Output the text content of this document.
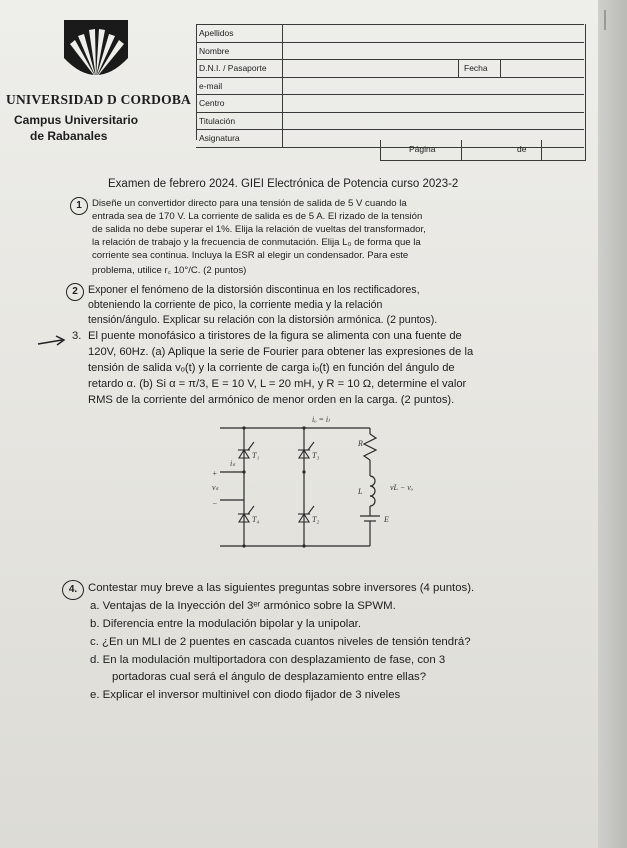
UNIVERSIDAD D CORDOBA
Campus Universitario
de Rabanales
Apellidos
Nombre
D.N.I. / Pasaporte	Fecha
e-mail
Centro
Titulación
Asignatura
Página	de
Examen de febrero 2024. GIEI Electrónica de Potencia curso 2023-2
1	Diseñe un convertidor directo para una tensión de salida de 5 V cuando la
entrada sea de 170 V. La corriente de salida es de 5 A. El rizado de la tensión
de salida no debe superar el 1%. Elija la relación de vueltas del transformador,
la relación de trabajo y la frecuencia de conmutación. Elija L₀ de forma que la
corriente sea continua. Incluya la ESR al elegir un condensador. Para este
problema, utilice r꜀ 10°/C. (2 puntos)
2 Exponer el fenómeno de la distorsión discontinua en los rectificadores,
obteniendo la corriente de pico, la corriente media y la relación
tensión/ángulo. Explicar su relación con la distorsión armónica. (2 puntos).
3. El puente monofásico a tiristores de la figura se alimenta con una fuente de
120V, 60Hz. (a) Aplique la serie de Fourier para obtener las expresiones de la
tensión de salida vₒ(t) y la corriente de carga iₒ(t) en función del ángulo de
retardo α. (b) Si α = π/3, E = 10 V, L = 20 mH, y R = 10 Ω, determine el valor
RMS de la corriente del armónico de menor orden en la carga. (2 puntos).
iₒ = iₗ
iₛ
+
−
vₛ
T₁	T₃
T₄	T₂
R
L
E
vL − vₒ
4. Contestar muy breve a las siguientes preguntas sobre inversores (4 puntos).
a. Ventajas de la Inyección del 3ᵉʳ armónico sobre la SPWM.
b. Diferencia entre la modulación bipolar y la unipolar.
c. ¿En un MLI de 2 puentes en cascada cuantos niveles de tensión tendrá?
d. En la modulación multiportadora con desplazamiento de fase, con 3
portadoras cual será el ángulo de desplazamiento entre ellas?
e. Explicar el inversor multinivel con diodo fijador de 3 niveles
